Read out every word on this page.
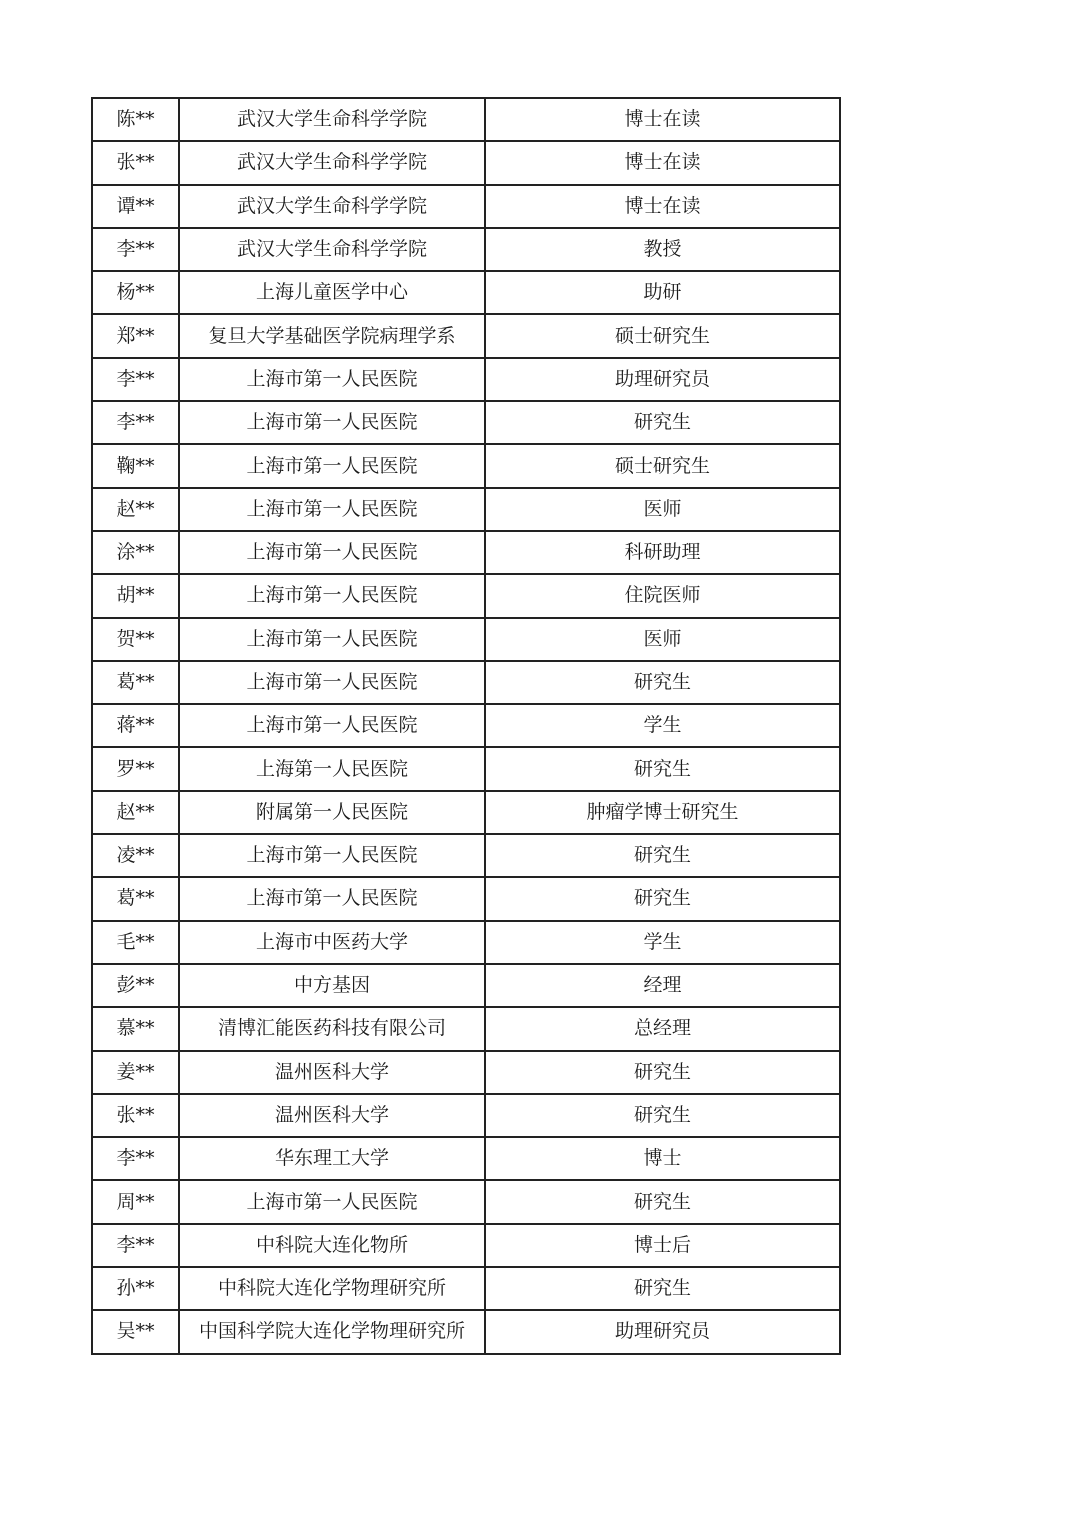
陈**	武汉大学生命科学学院	博士在读
张**	武汉大学生命科学学院	博士在读
谭**	武汉大学生命科学学院	博士在读
李**	武汉大学生命科学学院	教授
杨**	上海儿童医学中心	助研
郑**	复旦大学基础医学院病理学系	硕士研究生
李**	上海市第一人民医院	助理研究员
李**	上海市第一人民医院	研究生
鞠**	上海市第一人民医院	硕士研究生
赵**	上海市第一人民医院	医师
涂**	上海市第一人民医院	科研助理
胡**	上海市第一人民医院	住院医师
贺**	上海市第一人民医院	医师
葛**	上海市第一人民医院	研究生
蒋**	上海市第一人民医院	学生
罗**	上海第一人民医院	研究生
赵**	附属第一人民医院	肿瘤学博士研究生
凌**	上海市第一人民医院	研究生
葛**	上海市第一人民医院	研究生
毛**	上海市中医药大学	学生
彭**	中方基因	经理
慕**	清博汇能医药科技有限公司	总经理
姜**	温州医科大学	研究生
张**	温州医科大学	研究生
李**	华东理工大学	博士
周**	上海市第一人民医院	研究生
李**	中科院大连化物所	博士后
孙**	中科院大连化学物理研究所	研究生
吴**	中国科学院大连化学物理研究所	助理研究员
